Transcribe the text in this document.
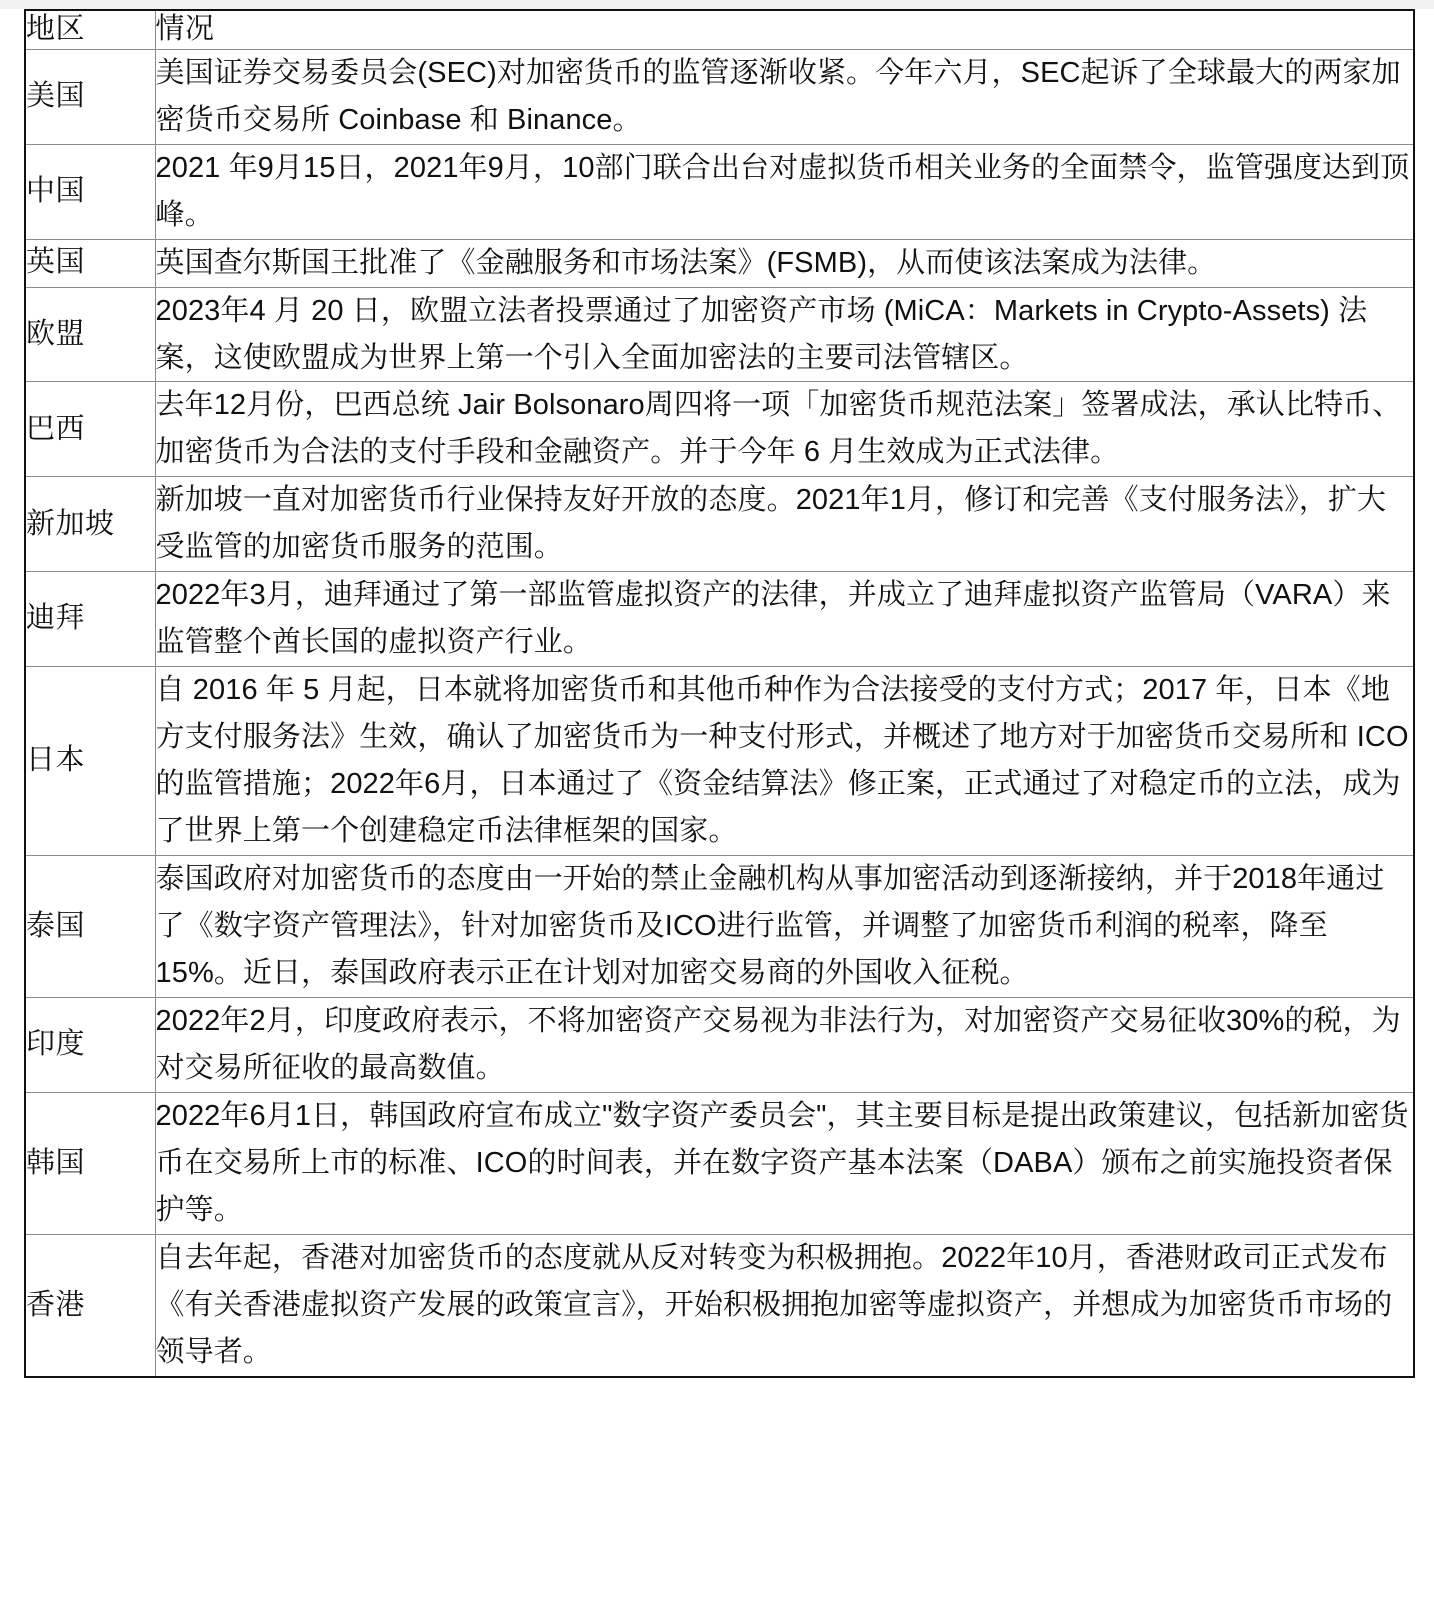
地区	情况
美国	美国证券交易委员会(SEC)对加密货币的监管逐渐收紧。今年六月，SEC起诉了全球最大的两家加密货币交易所 Coinbase 和 Binance。
中国	2021 年9月15日，2021年9月，10部门联合出台对虚拟货币相关业务的全面禁令，监管强度达到顶峰。
英国	英国查尔斯国王批准了《金融服务和市场法案》(FSMB)，从而使该法案成为法律。
欧盟	2023年4 月 20 日，欧盟立法者投票通过了加密资产市场 (MiCA：Markets in Crypto-Assets) 法案，这使欧盟成为世界上第一个引入全面加密法的主要司法管辖区。
巴西	去年12月份，巴西总统 Jair Bolsonaro周四将一项「加密货币规范法案」签署成法，承认比特币、加密货币为合法的支付手段和金融资产。并于今年 6 月生效成为正式法律。
新加坡	新加坡一直对加密货币行业保持友好开放的态度。2021年1月，修订和完善《支付服务法》，扩大受监管的加密货币服务的范围。
迪拜	2022年3月，迪拜通过了第一部监管虚拟资产的法律，并成立了迪拜虚拟资产监管局（VARA）来监管整个酋长国的虚拟资产行业。
日本	自 2016 年 5 月起，日本就将加密货币和其他币种作为合法接受的支付方式；2017 年，日本《地方支付服务法》生效，确认了加密货币为一种支付形式，并概述了地方对于加密货币交易所和 ICO 的监管措施；2022年6月，日本通过了《资金结算法》修正案，正式通过了对稳定币的立法，成为了世界上第一个创建稳定币法律框架的国家。
泰国	泰国政府对加密货币的态度由一开始的禁止金融机构从事加密活动到逐渐接纳，并于2018年通过了《数字资产管理法》，针对加密货币及ICO进行监管，并调整了加密货币利润的税率，降至15%。近日，泰国政府表示正在计划对加密交易商的外国收入征税。
印度	2022年2月，印度政府表示，不将加密资产交易视为非法行为，对加密资产交易征收30%的税，为对交易所征收的最高数值。
韩国	2022年6月1日，韩国政府宣布成立"数字资产委员会"，其主要目标是提出政策建议，包括新加密货币在交易所上市的标准、ICO的时间表，并在数字资产基本法案（DABA）颁布之前实施投资者保护等。
香港	自去年起，香港对加密货币的态度就从反对转变为积极拥抱。2022年10月，香港财政司正式发布《有关香港虚拟资产发展的政策宣言》，开始积极拥抱加密等虚拟资产，并想成为加密货币市场的领导者。
